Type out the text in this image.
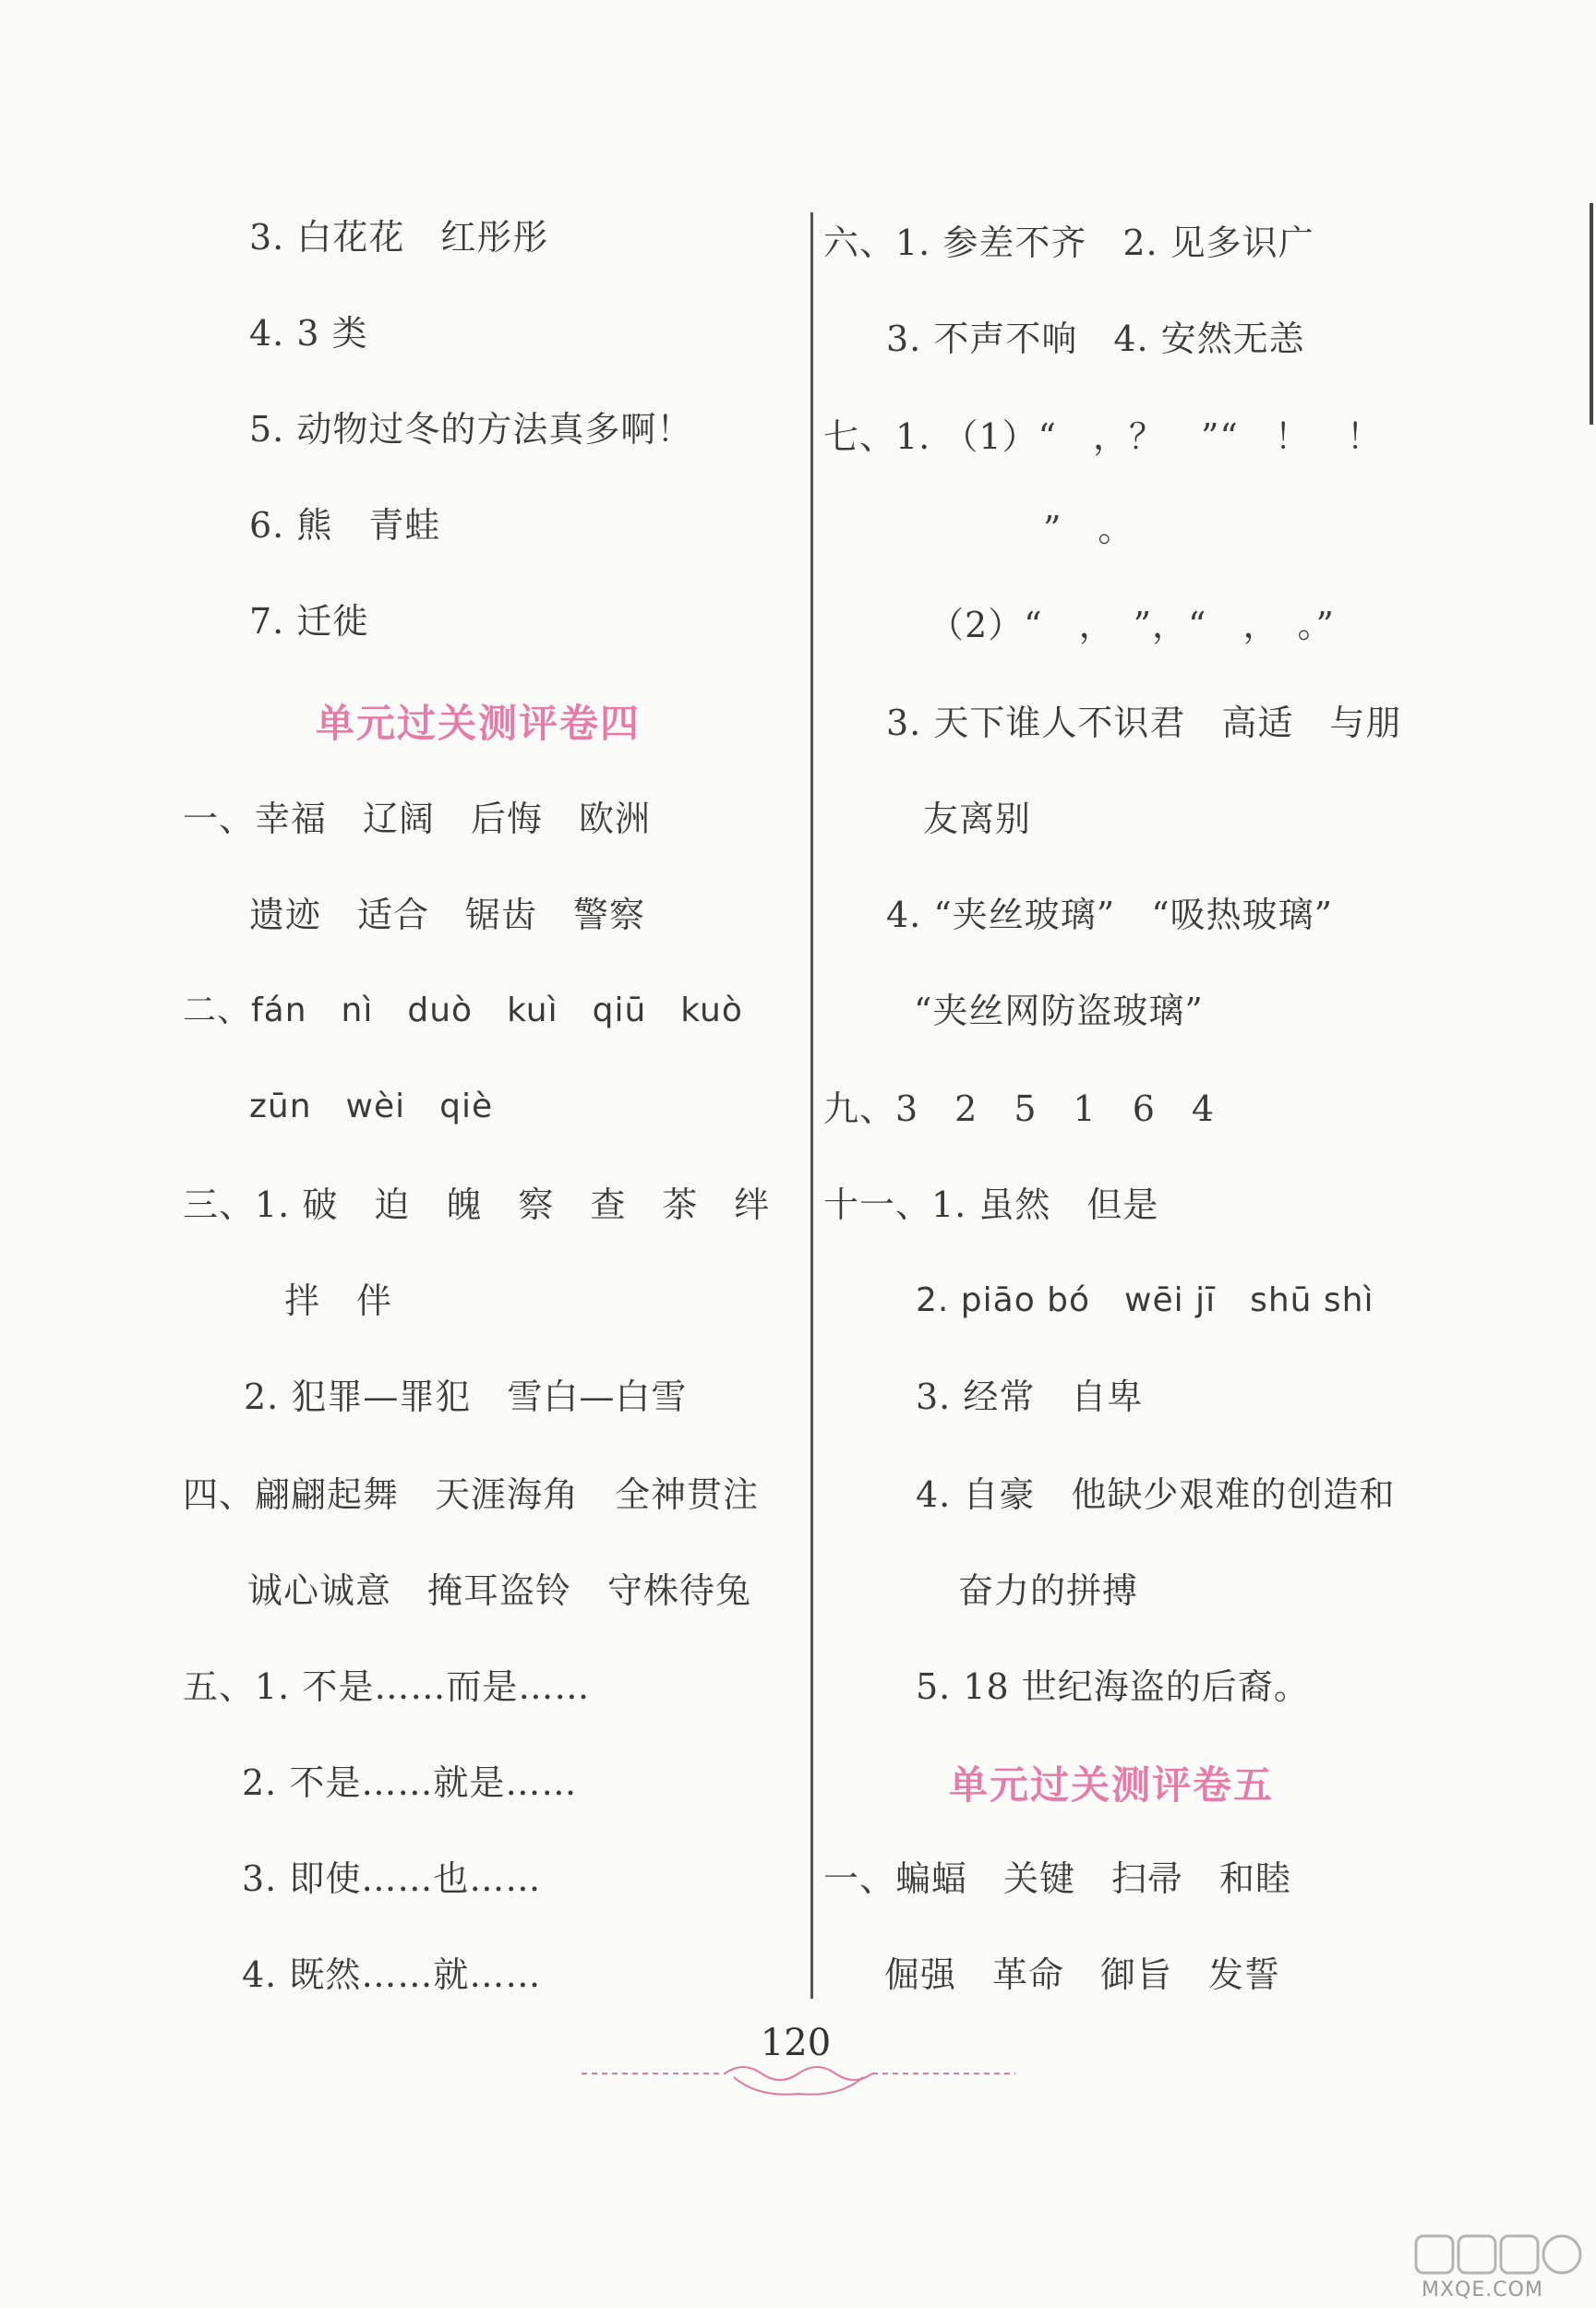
3. 白花花　红彤彤
4. 3 类
5. 动物过冬的方法真多啊！
6. 熊　青蛙
7. 迁徙
单元过关测评卷四
一、幸福　辽阔　后悔　欧洲
遗迹　适合　锯齿　警察
二、fán　nì　duò　kuì　qiū　kuò
zūn　wèi　qiè
三、1. 破　迫　魄　察　查　茶　绊
拌　伴
2. 犯罪—罪犯　雪白—白雪
四、翩翩起舞　天涯海角　全神贯注
诚心诚意　掩耳盗铃　守株待兔
五、1. 不是……而是……
2. 不是……就是……
3. 即使……也……
4. 既然……就……
六、1. 参差不齐　2. 见多识广
3. 不声不响　4. 安然无恙
七、1. （1）“　，？　”“　！　！
”　。
（2）“　，　”，“　，　。”
3. 天下谁人不识君　高适　与朋
友离别
4. “夹丝玻璃”　“吸热玻璃”
“夹丝网防盗玻璃”
九、3　2　5　1　6　4
十一、1. 虽然　但是
2. piāo bó　wēi jī　shū shì
3. 经常　自卑
4. 自豪　他缺少艰难的创造和
奋力的拼搏
5. 18 世纪海盗的后裔。
单元过关测评卷五
一、蝙蝠　关键　扫帚　和睦
倔强　革命　御旨　发誓
120
MXQE.COM
